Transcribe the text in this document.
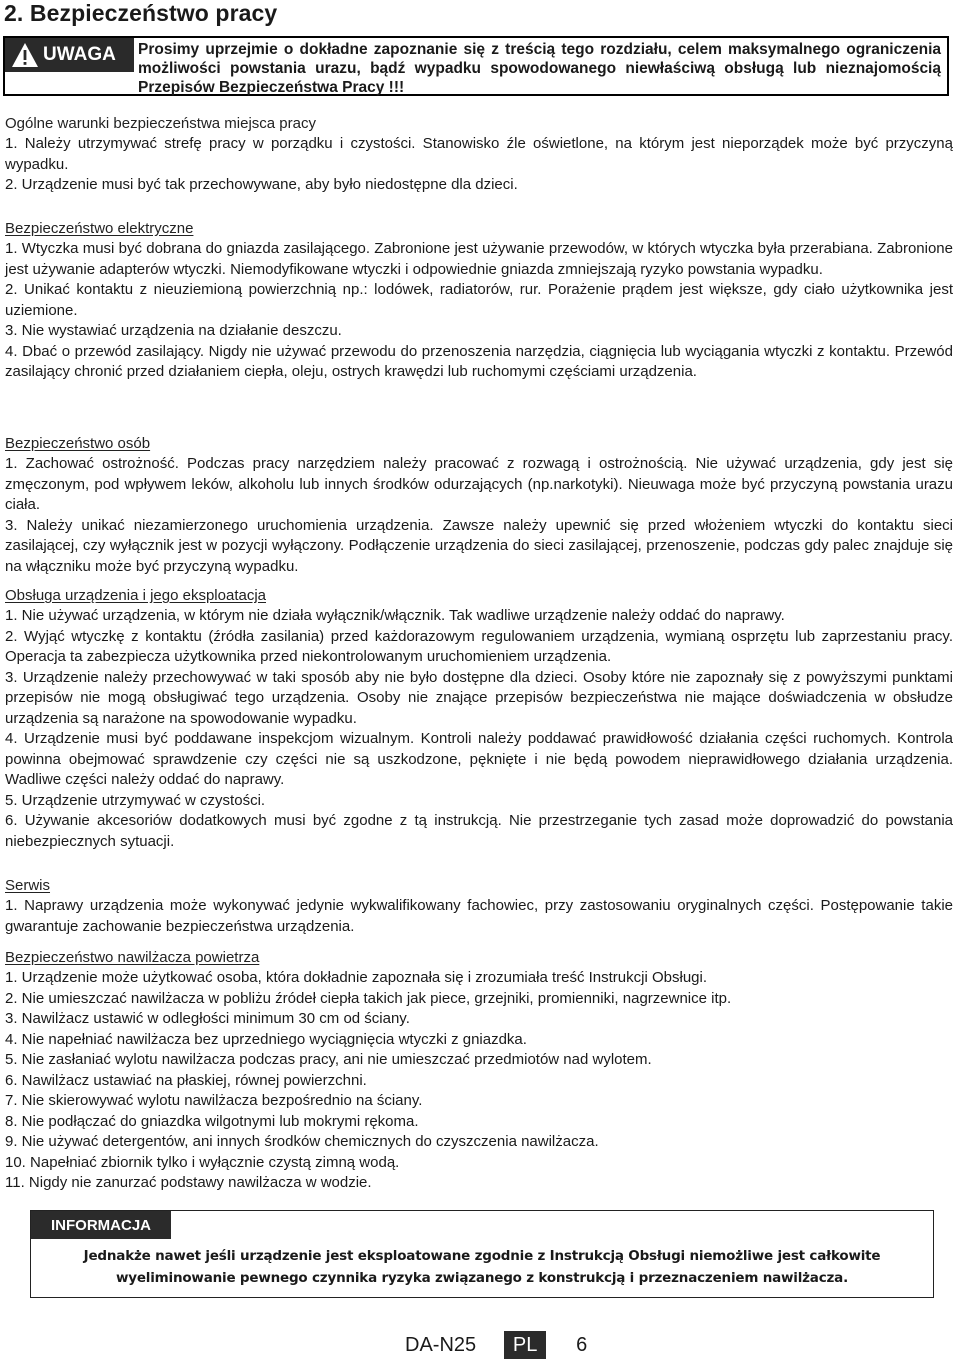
2. Bezpieczeństwo pracy
UWAGA Prosimy uprzejmie o dokładne zapoznanie się z treścią tego rozdziału, celem maksymalnego ograniczenia możliwości powstania urazu, bądź wypadku spowodowanego niewłaściwą obsługą lub nieznajomością Przepisów Bezpieczeństwa Pracy !!!

Ogólne warunki bezpieczeństwa miejsca pracy

1. Należy utrzymywać strefę pracy w porządku i czystości. Stanowisko źle oświetlone, na którym jest nieporządek może być przyczyną wypadku.

2. Urządzenie musi być tak przechowywane, aby było niedostępne dla dzieci.

Bezpieczeństwo elektryczne

1. Wtyczka musi być dobrana do gniazda zasilającego. Zabronione jest używanie przewodów, w których wtyczka była przerabiana. Zabronione jest używanie adapterów wtyczki. Niemodyfikowane wtyczki i odpowiednie gniazda zmniejszają ryzyko powstania wypadku.

2. Unikać kontaktu z nieuziemioną powierzchnią np.: lodówek, radiatorów, rur. Porażenie prądem jest większe, gdy ciało użytkownika jest uziemione.

3. Nie wystawiać urządzenia na działanie deszczu.

4. Dbać o przewód zasilający. Nigdy nie używać przewodu do przenoszenia narzędzia, ciągnięcia lub wyciągania wtyczki z kontaktu. Przewód zasilający chronić przed działaniem ciepła, oleju, ostrych krawędzi lub ruchomymi częściami urządzenia.

Bezpieczeństwo osób

1. Zachować ostrożność. Podczas pracy narzędziem należy pracować z rozwagą i ostrożnością. Nie używać urządzenia, gdy jest się zmęczonym, pod wpływem leków, alkoholu lub innych środków odurzających (np.narkotyki). Nieuwaga może być przyczyną powstania urazu ciała.

3. Należy unikać niezamierzonego uruchomienia urządzenia. Zawsze należy upewnić się przed włożeniem wtyczki do kontaktu sieci zasilającej, czy wyłącznik jest w pozycji wyłączony. Podłączenie urządzenia do sieci zasilającej, przenoszenie, podczas gdy palec znajduje się na włączniku może być przyczyną wypadku.

Obsługa urządzenia i jego eksploatacja

1. Nie używać urządzenia, w którym nie działa wyłącznik/włącznik. Tak wadliwe urządzenie należy oddać do naprawy.

2. Wyjąć wtyczkę z kontaktu (źródła zasilania) przed każdorazowym regulowaniem urządzenia, wymianą osprzętu lub zaprzestaniu pracy. Operacja ta zabezpiecza użytkownika przed niekontrolowanym uruchomieniem urządzenia.

3. Urządzenie należy przechowywać w taki sposób aby nie było dostępne dla dzieci. Osoby które nie zapoznały się z powyższymi punktami przepisów nie mogą obsługiwać tego urządzenia. Osoby nie znające przepisów bezpieczeństwa nie mające doświadczenia w obsłudze urządzenia są narażone na spowodowanie wypadku.

4. Urządzenie musi być poddawane inspekcjom wizualnym. Kontroli należy poddawać prawidłowość działania części ruchomych. Kontrola powinna obejmować sprawdzenie czy części nie są uszkodzone, pęknięte i nie będą powodem nieprawidłowego działania urządzenia. Wadliwe części należy oddać do naprawy.

5. Urządzenie utrzymywać w czystości.

6. Używanie akcesoriów dodatkowych musi być zgodne z tą instrukcją. Nie przestrzeganie tych zasad może doprowadzić do powstania niebezpiecznych sytuacji.

Serwis

1. Naprawy urządzenia może wykonywać jedynie wykwalifikowany fachowiec, przy zastosowaniu oryginalnych części. Postępowanie takie gwarantuje zachowanie bezpieczeństwa urządzenia.

Bezpieczeństwo nawilżacza powietrza

1. Urządzenie może użytkować osoba, która dokładnie zapoznała się i zrozumiała treść Instrukcji Obsługi.

2. Nie umieszczać nawilżacza w pobliżu źródeł ciepła takich jak piece, grzejniki, promienniki, nagrzewnice itp.

3. Nawilżacz ustawić w odległości minimum 30 cm od ściany.

4. Nie napełniać nawilżacza bez uprzedniego wyciągnięcia wtyczki z gniazdka.

5. Nie zasłaniać wylotu nawilżacza podczas pracy, ani nie umieszczać przedmiotów nad wylotem.

6. Nawilżacz ustawiać na płaskiej, równej powierzchni.

7. Nie skierowywać wylotu nawilżacza bezpośrednio na ściany.

8. Nie podłączać do gniazdka wilgotnymi lub mokrymi rękoma.

9. Nie używać detergentów, ani innych środków chemicznych do czyszczenia nawilżacza.

10. Napełniać zbiornik tylko i wyłącznie czystą zimną wodą.

11. Nigdy nie zanurzać podstawy nawilżacza w wodzie.

INFORMACJA
Jednakże nawet jeśli urządzenie jest eksploatowane zgodnie z Instrukcją Obsługi niemożliwe jest całkowite wyeliminowanie pewnego czynnika ryzyka związanego z konstrukcją i przeznaczeniem nawilżacza.
DA-N25	PL	6
